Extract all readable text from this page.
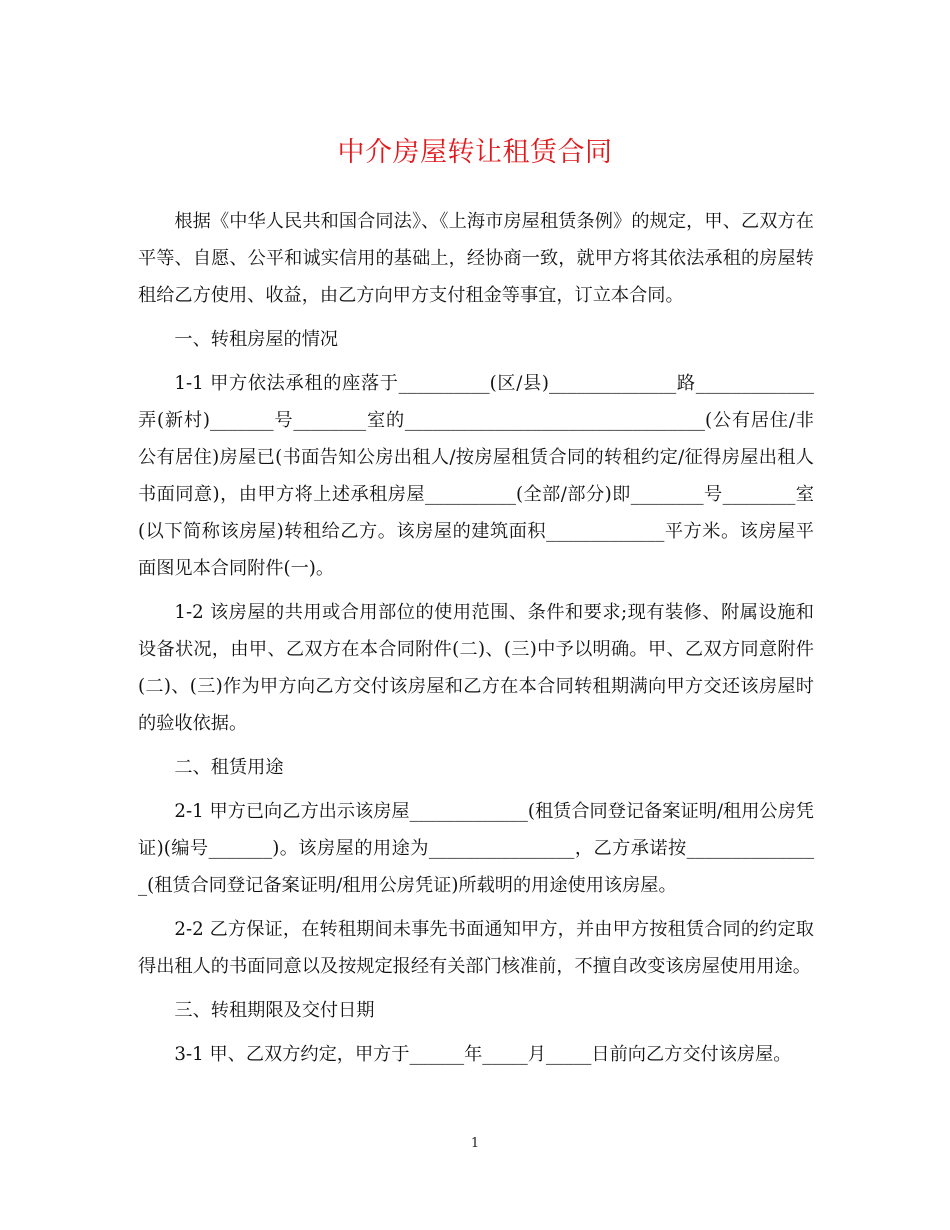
中介房屋转让租赁合同

根据《中华人民共和国合同法》、《上海市房屋租赁条例》的规定，甲、乙双方在平等、自愿、公平和诚实信用的基础上，经协商一致，就甲方将其依法承租的房屋转租给乙方使用、收益，由乙方向甲方支付租金等事宜，订立本合同。

一、转租房屋的情况

1-1 甲方依法承租的座落于__________(区/县)______________路_____________弄(新村)_______号________室的_________________________________(公有居住/非公有居住)房屋已(书面告知公房出租人/按房屋租赁合同的转租约定/征得房屋出租人书面同意)，由甲方将上述承租房屋__________(全部/部分)即________号________室(以下简称该房屋)转租给乙方。该房屋的建筑面积_____________平方米。该房屋平面图见本合同附件(一)。

1-2 该房屋的共用或合用部位的使用范围、条件和要求;现有装修、附属设施和设备状况，由甲、乙双方在本合同附件(二)、(三)中予以明确。甲、乙双方同意附件(二)、(三)作为甲方向乙方交付该房屋和乙方在本合同转租期满向甲方交还该房屋时的验收依据。

二、租赁用途

2-1 甲方已向乙方出示该房屋_____________(租赁合同登记备案证明/租用公房凭证)(编号_______)。该房屋的用途为________________，乙方承诺按_______________(租赁合同登记备案证明/租用公房凭证)所载明的用途使用该房屋。

2-2 乙方保证，在转租期间未事先书面通知甲方，并由甲方按租赁合同的约定取得出租人的书面同意以及按规定报经有关部门核准前，不擅自改变该房屋使用用途。

三、转租期限及交付日期

3-1 甲、乙双方约定，甲方于______年_____月_____日前向乙方交付该房屋。

1
